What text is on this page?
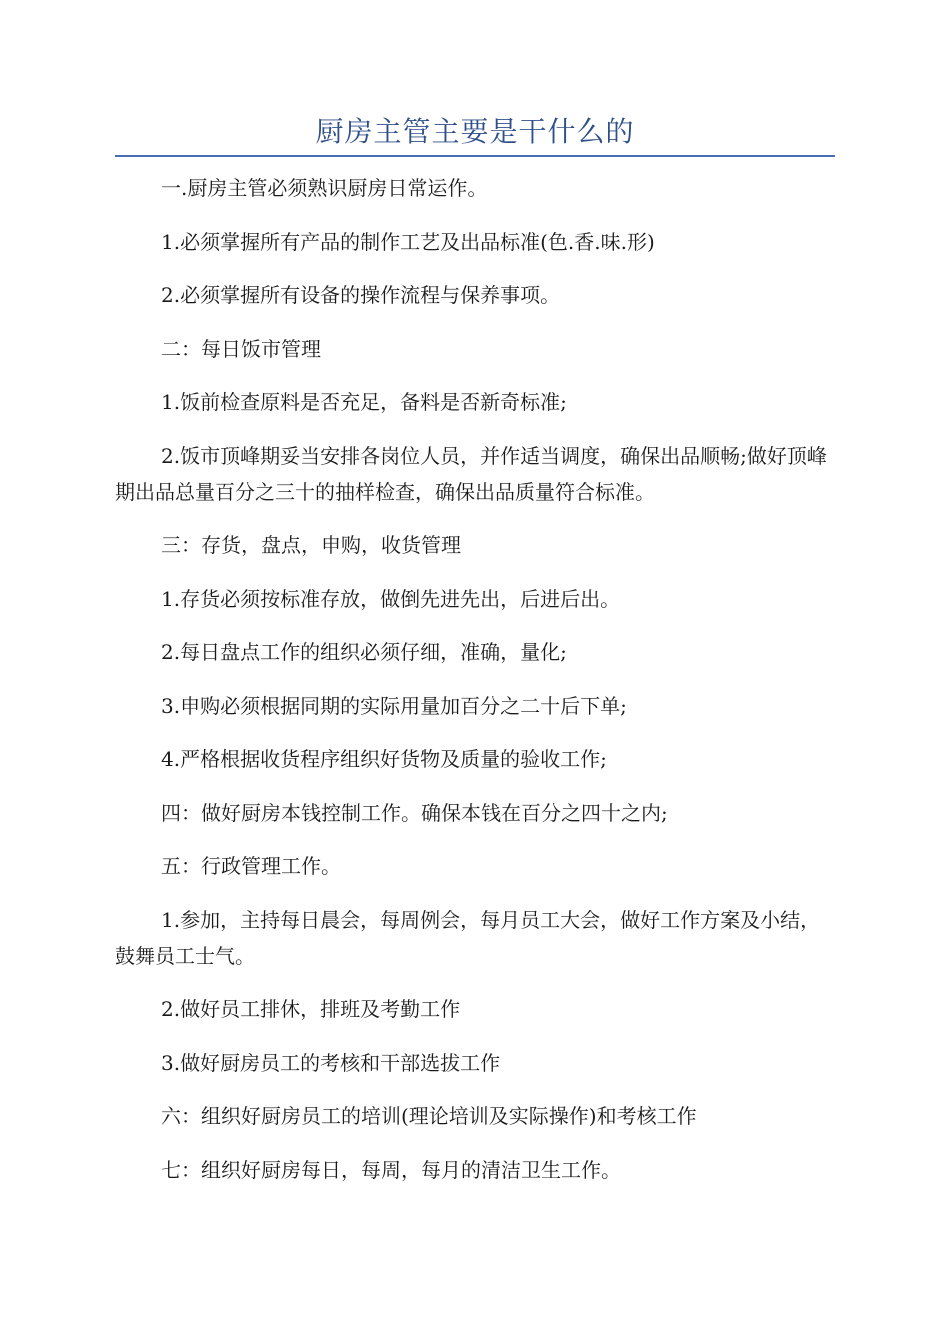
厨房主管主要是干什么的

一.厨房主管必须熟识厨房日常运作。

1.必须掌握所有产品的制作工艺及出品标准(色.香.味.形)

2.必须掌握所有设备的操作流程与保养事项。

二：每日饭市管理

1.饭前检查原料是否充足，备料是否新奇标准;

2.饭市顶峰期妥当安排各岗位人员，并作适当调度，确保出品顺畅;做好顶峰期出品总量百分之三十的抽样检查，确保出品质量符合标准。

三：存货，盘点，申购，收货管理

1.存货必须按标准存放，做倒先进先出，后进后出。

2.每日盘点工作的组织必须仔细，准确，量化;

3.申购必须根据同期的实际用量加百分之二十后下单;

4.严格根据收货程序组织好货物及质量的验收工作;

四：做好厨房本钱控制工作。确保本钱在百分之四十之内;

五：行政管理工作。

1.参加，主持每日晨会，每周例会，每月员工大会，做好工作方案及小结，鼓舞员工士气。

2.做好员工排休，排班及考勤工作

3.做好厨房员工的考核和干部选拔工作

六：组织好厨房员工的培训(理论培训及实际操作)和考核工作

七：组织好厨房每日，每周，每月的清洁卫生工作。
